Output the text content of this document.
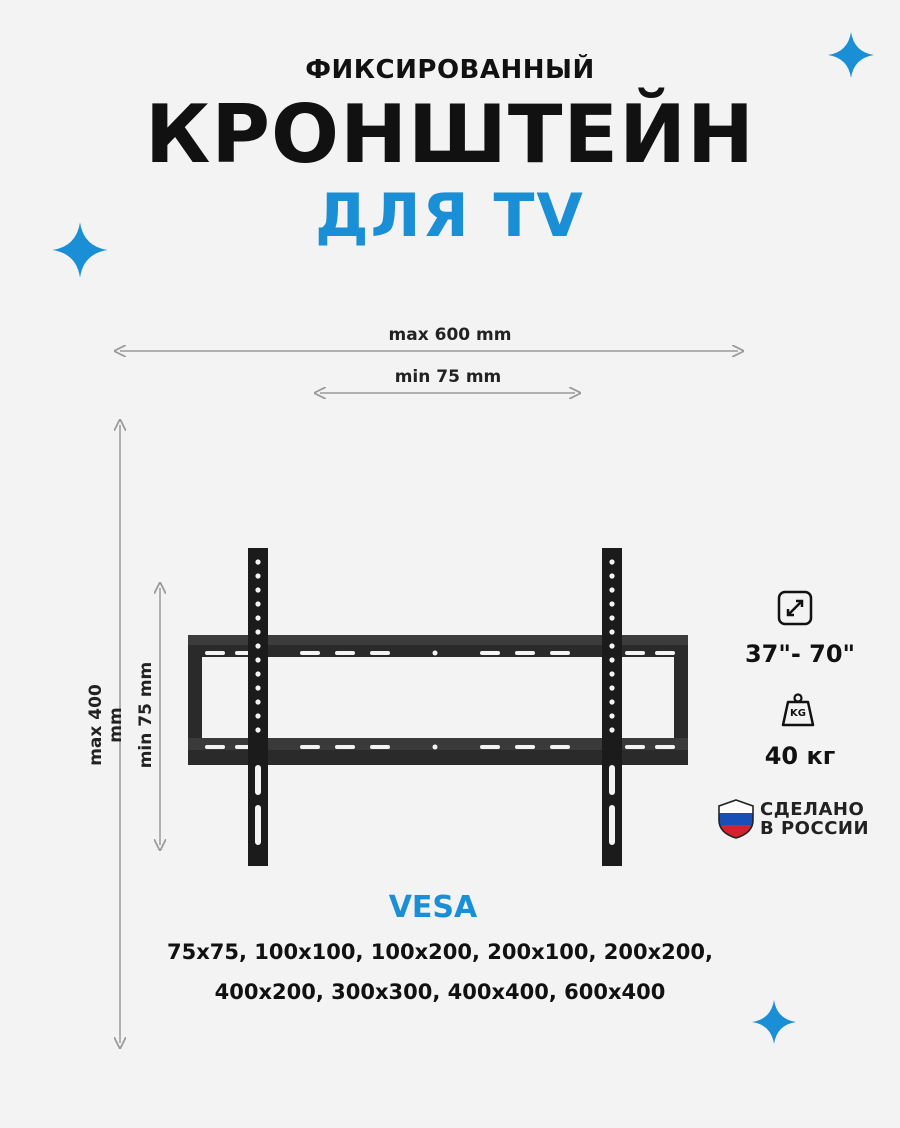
ФИКСИРОВАННЫЙ
КРОНШТЕЙН
ДЛЯ TV
max 600 mm
min 75 mm
max 400 mm min 75 mm
37"- 70"
KG
40 кг
СДЕЛАНО
В РОССИИ
VESA
75x75, 100x100, 100x200, 200x100, 200x200,
400x200, 300x300, 400x400, 600x400
